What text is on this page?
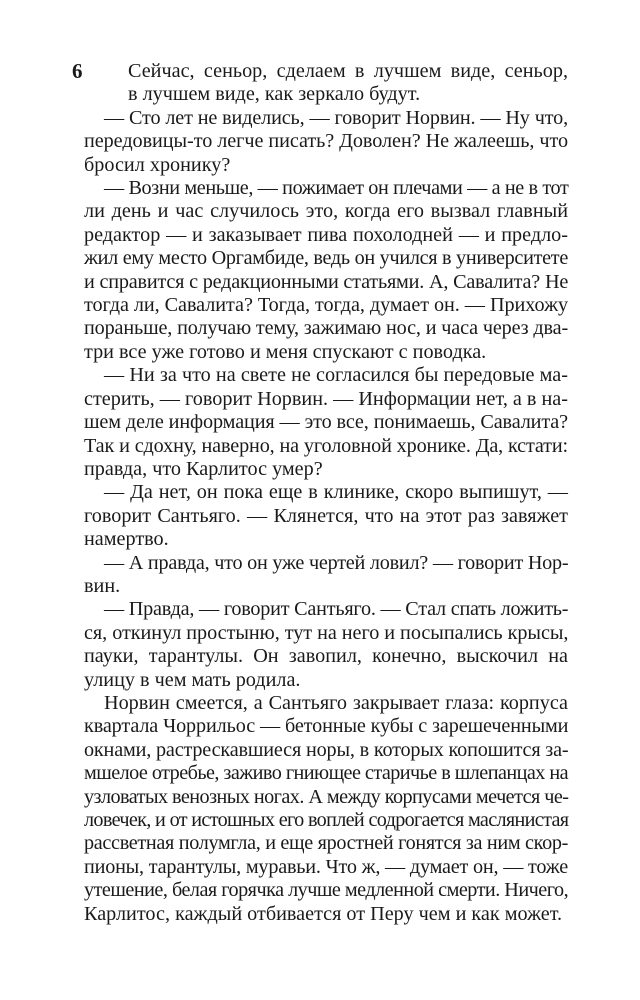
6	Сейчас, сеньор, сделаем в лучшем виде, сеньор,
в лучшем виде, как зеркало будут.
— Сто лет не виделись, — говорит Норвин. — Ну что,
передовицы-то легче писать? Доволен? Не жалеешь, что
бросил хронику?
— Возни меньше, — пожимает он плечами — а не в тот
ли день и час случилось это, когда его вызвал главный
редактор — и заказывает пива похолодней — и предло-
жил ему место Оргамбиде, ведь он учился в университете
и справится с редакционными статьями. А, Савалита? Не
тогда ли, Савалита? Тогда, тогда, думает он. — Прихожу
пораньше, получаю тему, зажимаю нос, и часа через два-
три все уже готово и меня спускают с поводка.
— Ни за что на свете не согласился бы передовые ма-
стерить, — говорит Норвин. — Информации нет, а в на-
шем деле информация — это все, понимаешь, Савалита?
Так и сдохну, наверно, на уголовной хронике. Да, кстати:
правда, что Карлитос умер?
— Да нет, он пока еще в клинике, скоро выпишут, —
говорит Сантьяго. — Клянется, что на этот раз завяжет
намертво.
— А правда, что он уже чертей ловил? — говорит Нор-
вин.
— Правда, — говорит Сантьяго. — Стал спать ложить-
ся, откинул простыню, тут на него и посыпались крысы,
пауки, тарантулы. Он завопил, конечно, выскочил на
улицу в чем мать родила.
Норвин смеется, а Сантьяго закрывает глаза: корпуса
квартала Чоррильос — бетонные кубы с зарешеченными
окнами, растрескавшиеся норы, в которых копошится за-
мшелое отребье, заживо гниющее старичье в шлепанцах на
узловатых венозных ногах. А между корпусами мечется че-
ловечек, и от истошных его воплей содрогается маслянистая
рассветная полумгла, и еще яростней гонятся за ним скор-
пионы, тарантулы, муравьи. Что ж, — думает он, — тоже
утешение, белая горячка лучше медленной смерти. Ничего,
Карлитос, каждый отбивается от Перу чем и как может.
